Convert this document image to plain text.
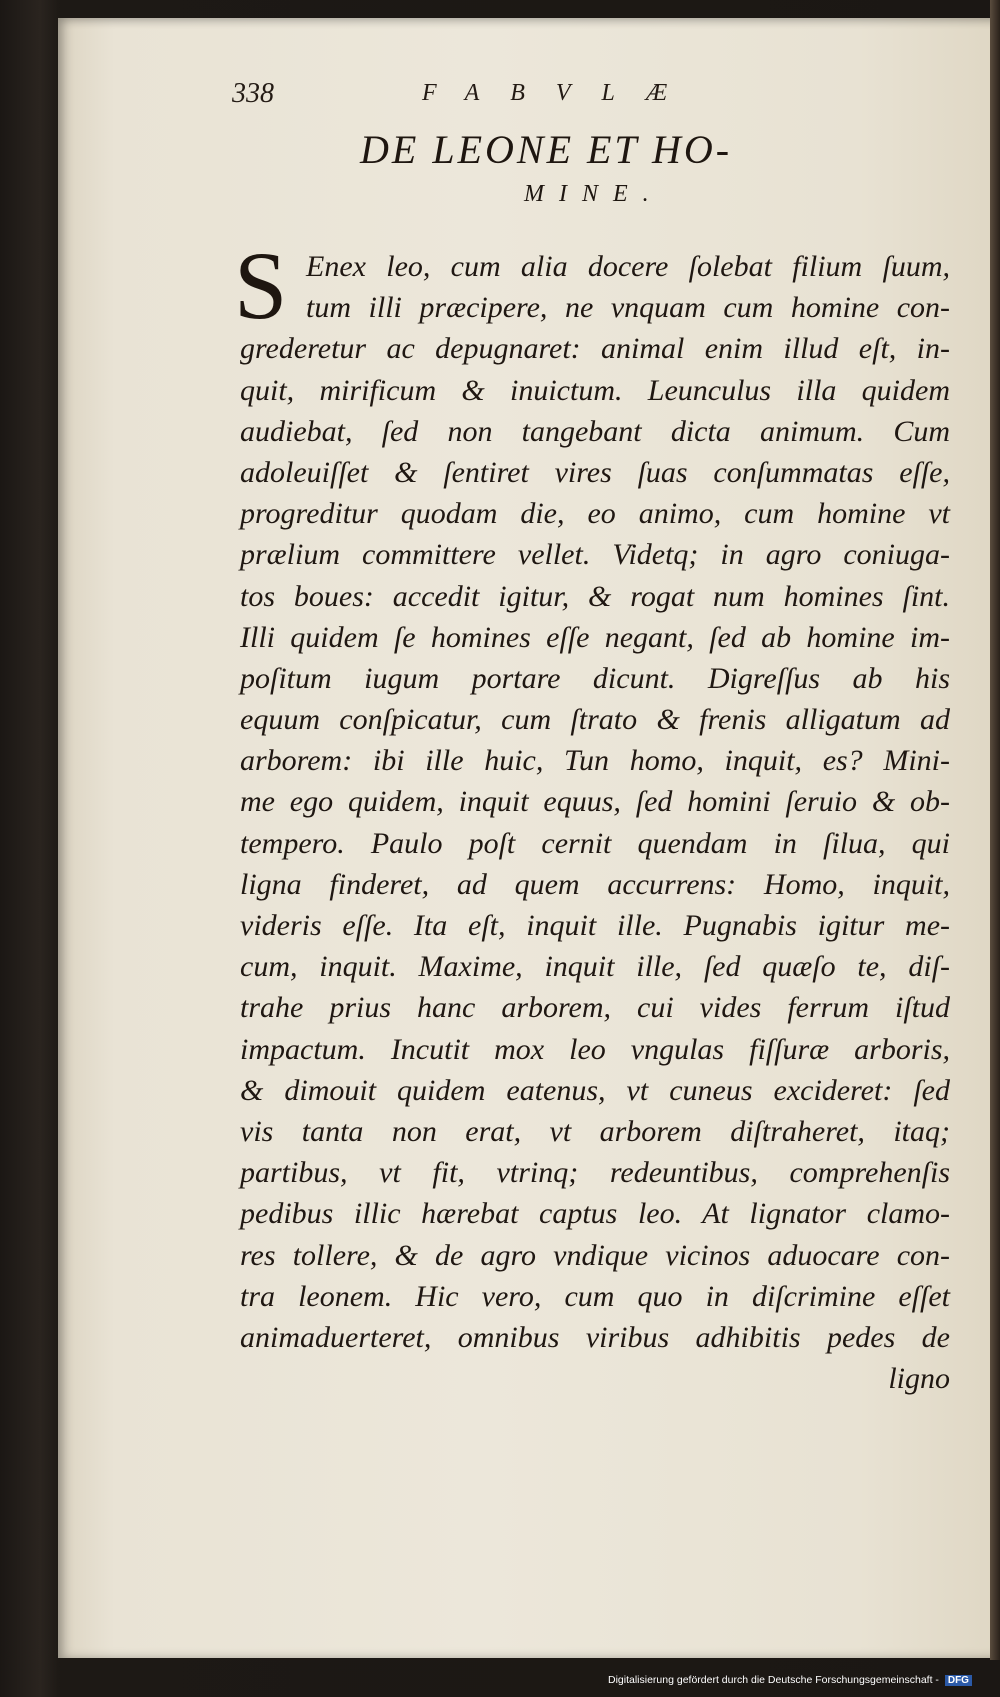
338	FABVLÆ
DE LEONE ET HO-
MINE.
S Enex leo, cum alia docere ſolebat filium ſuum,
tum illi præcipere, ne vnquam cum homine con-
grederetur ac depugnaret: animal enim illud eſt, in-
quit, mirificum & inuictum. Leunculus illa quidem
audiebat, ſed non tangebant dicta animum. Cum
adoleuiſſet & ſentiret vires ſuas conſummatas eſſe,
progreditur quodam die, eo animo, cum homine vt
prælium committere vellet. Videtq; in agro coniuga-
tos boues: accedit igitur, & rogat num homines ſint.
Illi quidem ſe homines eſſe negant, ſed ab homine im-
poſitum iugum portare dicunt. Digreſſus ab his
equum conſpicatur, cum ſtrato & frenis alligatum ad
arborem: ibi ille huic, Tun homo, inquit, es? Mini-
me ego quidem, inquit equus, ſed homini ſeruio & ob-
tempero. Paulo poſt cernit quendam in ſilua, qui
ligna finderet, ad quem accurrens: Homo, inquit,
videris eſſe. Ita eſt, inquit ille. Pugnabis igitur me-
cum, inquit. Maxime, inquit ille, ſed quæſo te, diſ-
trahe prius hanc arborem, cui vides ferrum iſtud
impactum. Incutit mox leo vngulas fiſſuræ arboris,
& dimouit quidem eatenus, vt cuneus excideret: ſed
vis tanta non erat, vt arborem diſtraheret, itaq;
partibus, vt fit, vtrinq; redeuntibus, comprehenſis
pedibus illic hærebat captus leo. At lignator clamo-
res tollere, & de agro vndique vicinos aduocare con-
tra leonem. Hic vero, cum quo in diſcrimine eſſet
animaduerteret, omnibus viribus adhibitis pedes de
ligno
Digitalisierung gefördert durch die Deutsche Forschungsgemeinschaft - DFG
